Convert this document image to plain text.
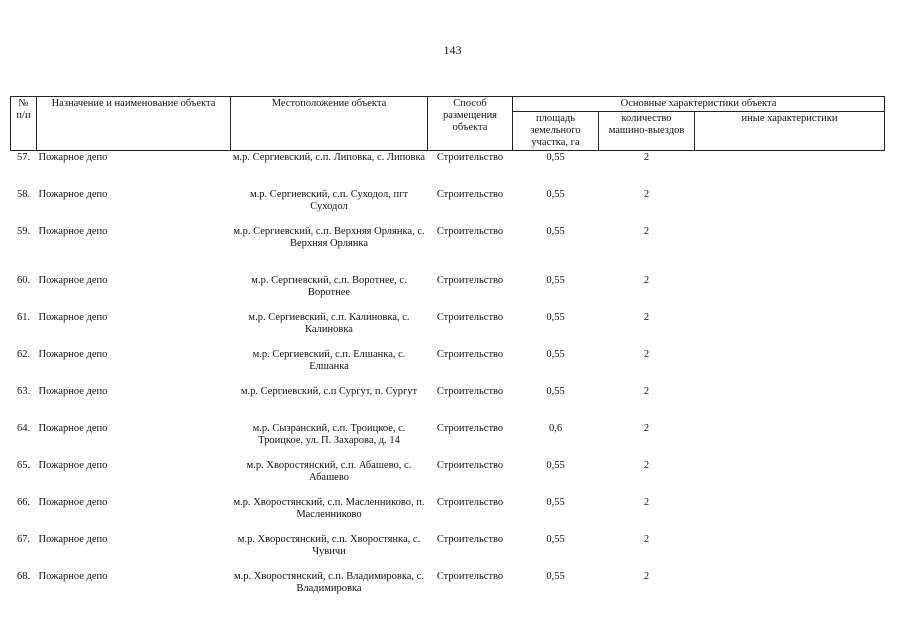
143
№ п/п	Назначение и наименование объекта	Местоположение объекта	Способ размещения объекта	Основные характеристики объекта		
				площадь земельного участка, га	количество машино-выездов	иные характеристики
57.	Пожарное депо	м.р. Сергиевский, с.п. Липовка, с. Липовка	Строительство	0,55	2	
58.	Пожарное депо	м.р. Сергиевский, с.п. Суходол, пгт Суходол	Строительство	0,55	2	
59.	Пожарное депо	м.р. Сергиевский, с.п. Верхняя Орлянка, с. Верхняя Орлянка	Строительство	0,55	2	
60.	Пожарное депо	м.р. Сергиевский, с.п. Воротнее, с. Воротнее	Строительство	0,55	2	
61.	Пожарное депо	м.р. Сергиевский, с.п. Калиновка, с. Калиновка	Строительство	0,55	2	
62.	Пожарное депо	м.р. Сергиевский, с.п. Елшанка, с. Елшанка	Строительство	0,55	2	
63.	Пожарное депо	м.р. Сергиевский, с.п Сургут, п. Сургут	Строительство	0,55	2	
64.	Пожарное депо	м.р. Сызранский, с.п. Троицкое, с. Троицкое, ул. П. Захарова, д. 14	Строительство	0,6	2	
65.	Пожарное депо	м.р. Хворостянский, с.п. Абашево, с. Абашево	Строительство	0,55	2	
66.	Пожарное депо	м.р. Хворостянский, с.п. Масленниково, п. Масленниково	Строительство	0,55	2	
67.	Пожарное депо	м.р. Хворостянский, с.п. Хворостянка, с. Чувичи	Строительство	0,55	2	
68.	Пожарное депо	м.р. Хворостянский, с.п. Владимировка, с. Владимировка	Строительство	0,55	2	
